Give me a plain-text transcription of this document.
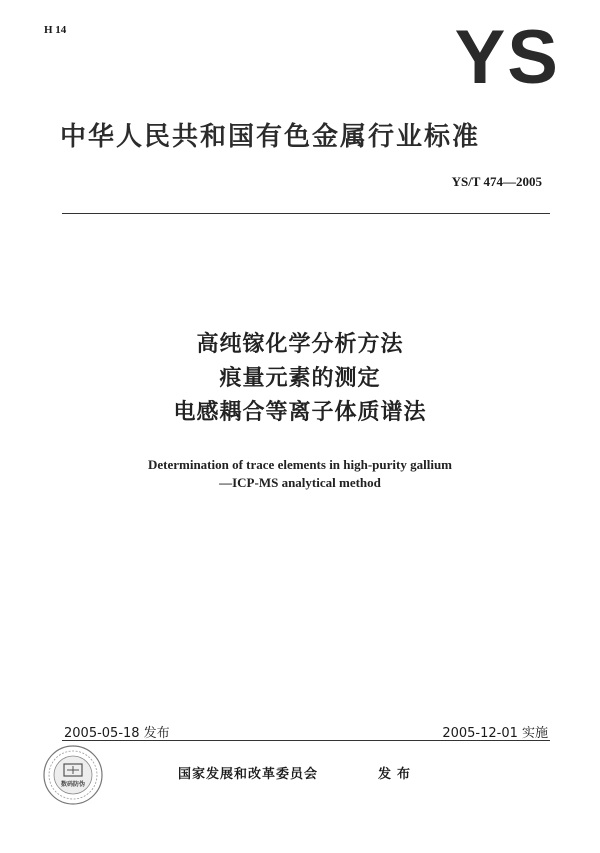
H 14	YS
中华人民共和国有色金属行业标准
YS/T 474—2005
高纯镓化学分析方法
痕量元素的测定
电感耦合等离子体质谱法
Determination of trace elements in high-purity gallium
—ICP-MS analytical method
2005-05-18 发布	2005-12-01 实施
数码防伪
国家发展和改革委员会	发布
